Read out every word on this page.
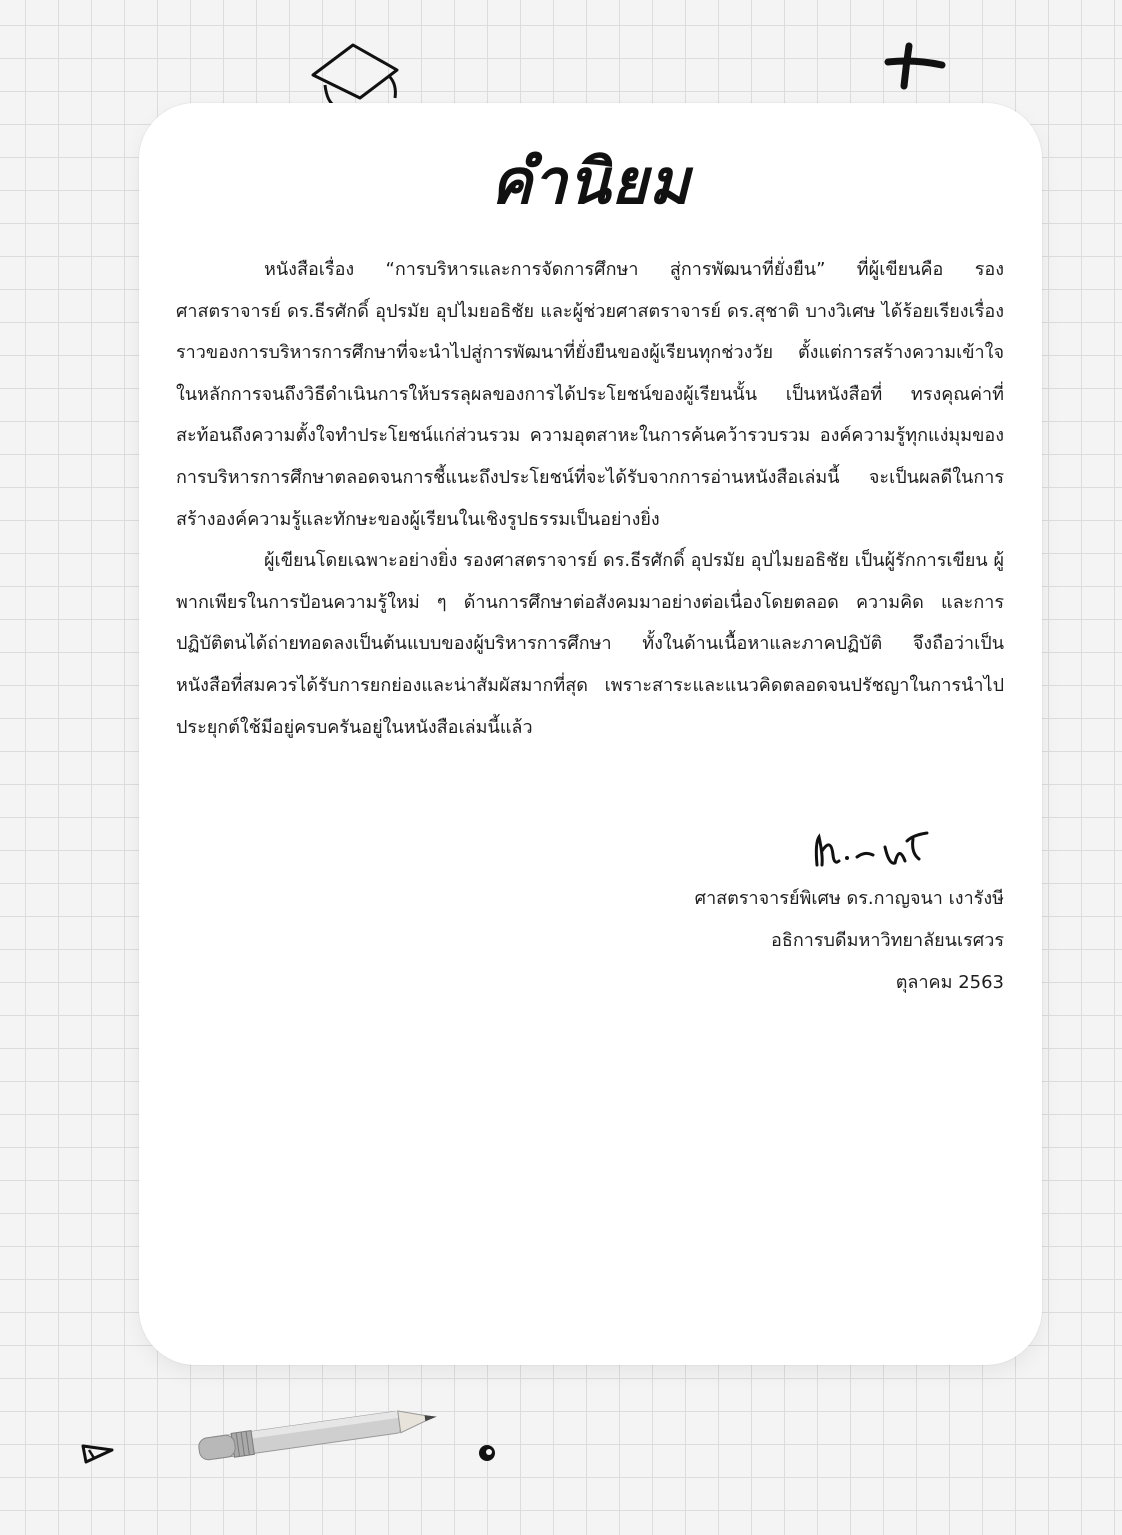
คำนิยม

หนังสือเรื่อง “การบริหารและการจัดการศึกษา สู่การพัฒนาที่ยั่งยืน” ที่ผู้เขียนคือ รองศาสตราจารย์ ดร.ธีรศักดิ์ อุปรมัย อุปไมยอธิชัย และผู้ช่วยศาสตราจารย์ ดร.สุชาติ บางวิเศษ ได้ร้อยเรียงเรื่องราวของการบริหารการศึกษาที่จะนำไปสู่การพัฒนาที่ยั่งยืนของผู้เรียนทุกช่วงวัย ตั้งแต่การสร้างความเข้าใจ ในหลักการจนถึงวิธีดำเนินการให้บรรลุผลของการได้ประโยชน์ของผู้เรียนนั้น เป็นหนังสือที่ ทรงคุณค่าที่สะท้อนถึงความตั้งใจทำประโยชน์แก่ส่วนรวม ความอุตสาหะในการค้นคว้ารวบรวม องค์ความรู้ทุกแง่มุมของการบริหารการศึกษาตลอดจนการชี้แนะถึงประโยชน์ที่จะได้รับจากการอ่านหนังสือเล่มนี้ จะเป็นผลดีในการสร้างองค์ความรู้และทักษะของผู้เรียนในเชิงรูปธรรมเป็นอย่างยิ่ง

ผู้เขียนโดยเฉพาะอย่างยิ่ง รองศาสตราจารย์ ดร.ธีรศักดิ์ อุปรมัย อุปไมยอธิชัย เป็นผู้รักการเขียน ผู้พากเพียรในการป้อนความรู้ใหม่ ๆ ด้านการศึกษาต่อสังคมมาอย่างต่อเนื่องโดยตลอด ความคิด และการปฏิบัติตนได้ถ่ายทอดลงเป็นต้นแบบของผู้บริหารการศึกษา ทั้งในด้านเนื้อหาและภาคปฏิบัติ จึงถือว่าเป็นหนังสือที่สมควรได้รับการยกย่องและน่าสัมผัสมากที่สุด เพราะสาระและแนวคิดตลอดจนปรัชญาในการนำไปประยุกต์ใช้มีอยู่ครบครันอยู่ในหนังสือเล่มนี้แล้ว

ศาสตราจารย์พิเศษ ดร.กาญจนา เงารังษี
อธิการบดีมหาวิทยาลัยนเรศวร
ตุลาคม 2563
